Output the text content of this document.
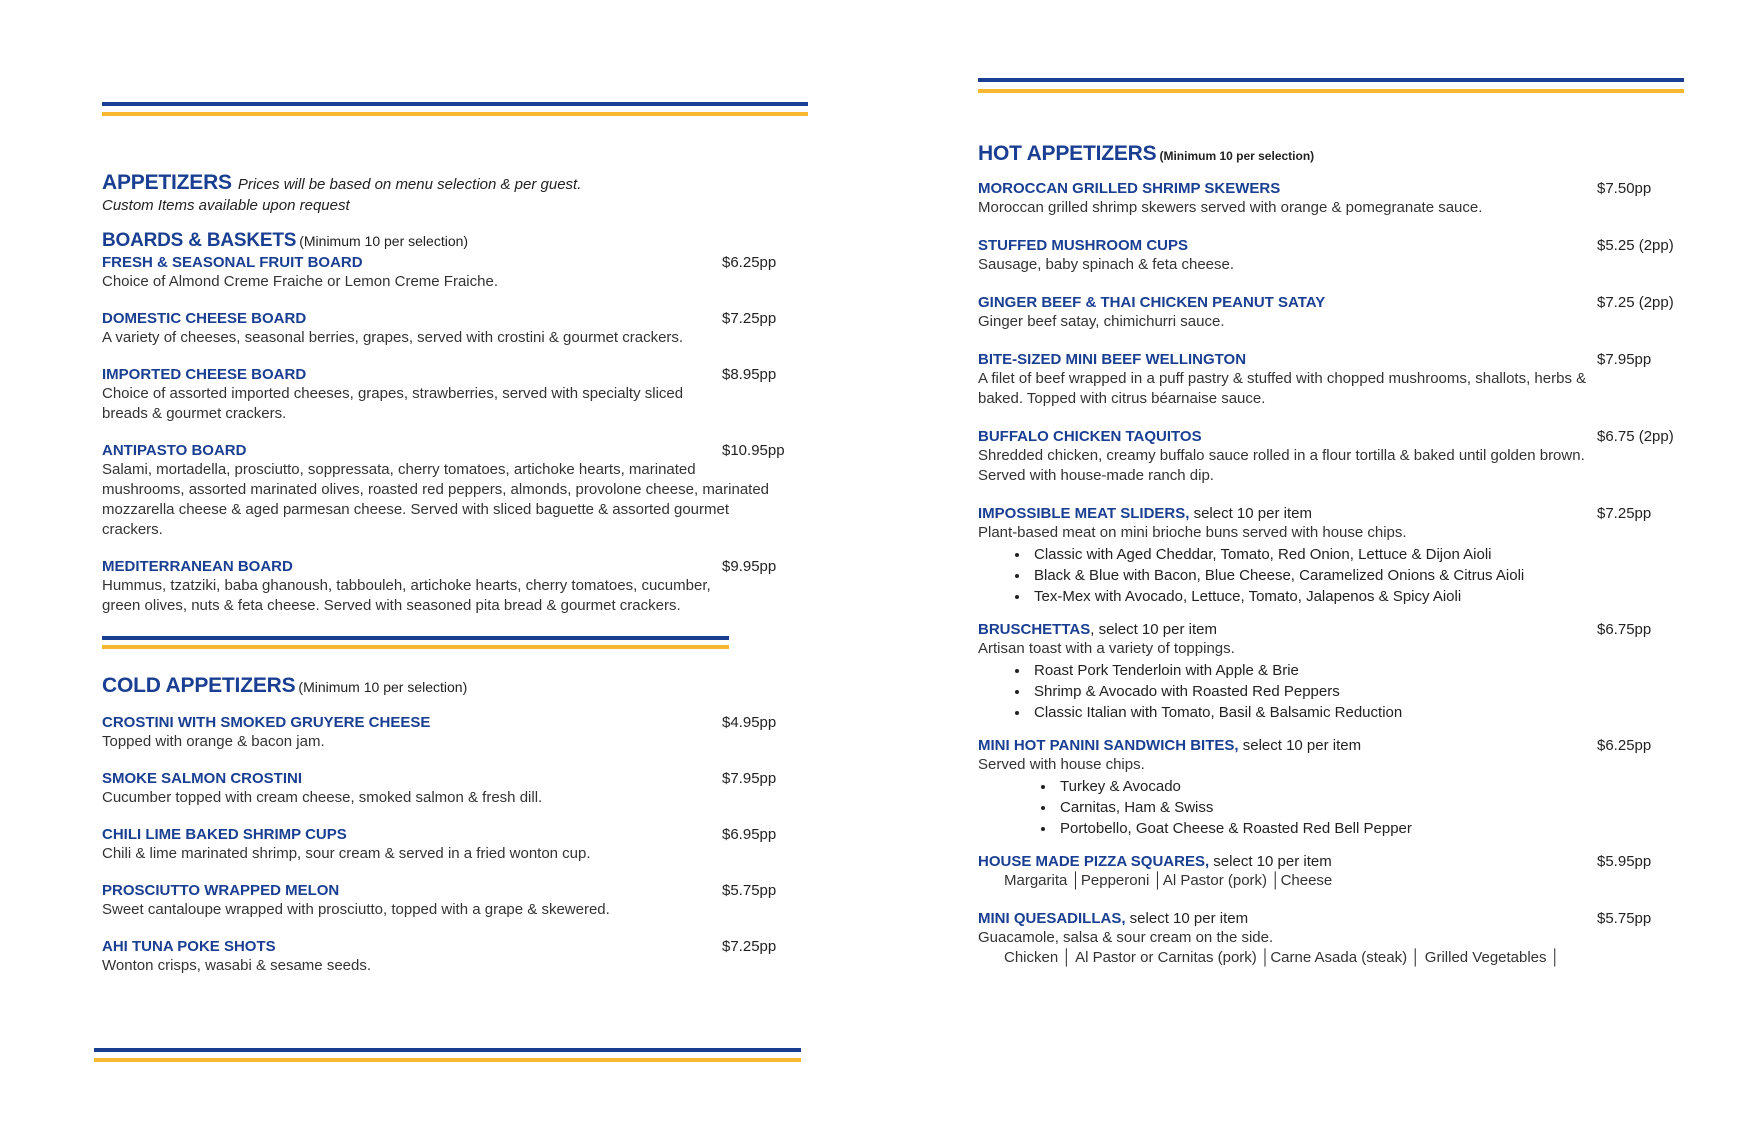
APPETIZERS Prices will be based on menu selection & per guest.
Custom Items available upon request
BOARDS & BASKETS (Minimum 10 per selection)
FRESH & SEASONAL FRUIT BOARD	$6.25pp
Choice of Almond Creme Fraiche or Lemon Creme Fraiche.
DOMESTIC CHEESE BOARD	$7.25pp
A variety of cheeses, seasonal berries, grapes, served with crostini & gourmet crackers.
IMPORTED CHEESE BOARD	$8.95pp
Choice of assorted imported cheeses, grapes, strawberries, served with specialty sliced breads & gourmet crackers.
ANTIPASTO BOARD	$10.95pp
Salami, mortadella, prosciutto, soppressata, cherry tomatoes, artichoke hearts, marinated mushrooms, assorted marinated olives, roasted red peppers, almonds, provolone cheese, marinated mozzarella cheese & aged parmesan cheese. Served with sliced baguette & assorted gourmet crackers.
MEDITERRANEAN BOARD	$9.95pp
Hummus, tzatziki, baba ghanoush, tabbouleh, artichoke hearts, cherry tomatoes, cucumber, green olives, nuts & feta cheese. Served with seasoned pita bread & gourmet crackers.
COLD APPETIZERS (Minimum 10 per selection)
CROSTINI WITH SMOKED GRUYERE CHEESE	$4.95pp
Topped with orange & bacon jam.
SMOKE SALMON CROSTINI	$7.95pp
Cucumber topped with cream cheese, smoked salmon & fresh dill.
CHILI LIME BAKED SHRIMP CUPS	$6.95pp
Chili & lime marinated shrimp, sour cream & served in a fried wonton cup.
PROSCIUTTO WRAPPED MELON	$5.75pp
Sweet cantaloupe wrapped with prosciutto, topped with a grape & skewered.
AHI TUNA POKE SHOTS	$7.25pp
Wonton crisps, wasabi & sesame seeds.
HOT APPETIZERS (Minimum 10 per selection)
MOROCCAN GRILLED SHRIMP SKEWERS	$7.50pp
Moroccan grilled shrimp skewers served with orange & pomegranate sauce.
STUFFED MUSHROOM CUPS	$5.25 (2pp)
Sausage, baby spinach & feta cheese.
GINGER BEEF & THAI CHICKEN PEANUT SATAY	$7.25 (2pp)
Ginger beef satay, chimichurri sauce.
BITE-SIZED MINI BEEF WELLINGTON	$7.95pp
A filet of beef wrapped in a puff pastry & stuffed with chopped mushrooms, shallots, herbs & baked. Topped with citrus béarnaise sauce.
BUFFALO CHICKEN TAQUITOS	$6.75 (2pp)
Shredded chicken, creamy buffalo sauce rolled in a flour tortilla & baked until golden brown. Served with house-made ranch dip.
IMPOSSIBLE MEAT SLIDERS, select 10 per item	$7.25pp
Plant-based meat on mini brioche buns served with house chips.
• Classic with Aged Cheddar, Tomato, Red Onion, Lettuce & Dijon Aioli
• Black & Blue with Bacon, Blue Cheese, Caramelized Onions & Citrus Aioli
• Tex-Mex with Avocado, Lettuce, Tomato, Jalapenos & Spicy Aioli
BRUSCHETTAS, select 10 per item	$6.75pp
Artisan toast with a variety of toppings.
• Roast Pork Tenderloin with Apple & Brie
• Shrimp & Avocado with Roasted Red Peppers
• Classic Italian with Tomato, Basil & Balsamic Reduction
MINI HOT PANINI SANDWICH BITES, select 10 per item	$6.25pp
Served with house chips.
• Turkey & Avocado
• Carnitas, Ham & Swiss
• Portobello, Goat Cheese & Roasted Red Bell Pepper
HOUSE MADE PIZZA SQUARES, select 10 per item	$5.95pp
Margarita │Pepperoni │Al Pastor (pork) │Cheese
MINI QUESADILLAS, select 10 per item	$5.75pp
Guacamole, salsa & sour cream on the side.
Chicken │ Al Pastor or Carnitas (pork) │Carne Asada (steak) │ Grilled Vegetables │
